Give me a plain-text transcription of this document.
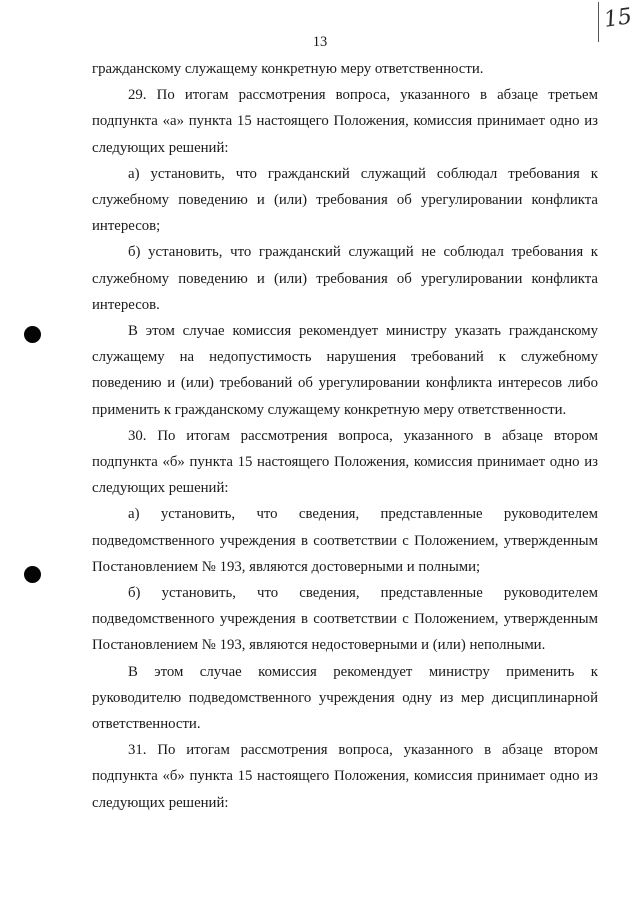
15
13

гражданскому служащему конкретную меру ответственности.

29. По итогам рассмотрения вопроса, указанного в абзаце третьем подпункта «а» пункта 15 настоящего Положения, комиссия принимает одно из следующих решений:

а) установить, что гражданский служащий соблюдал требования к служебному поведению и (или) требования об урегулировании конфликта интересов;

б) установить, что гражданский служащий не соблюдал требования к служебному поведению и (или) требования об урегулировании конфликта интересов.

В этом случае комиссия рекомендует министру указать гражданскому служащему на недопустимость нарушения требований к служебному поведению и (или) требований об урегулировании конфликта интересов либо применить к гражданскому служащему конкретную меру ответственности.

30. По итогам рассмотрения вопроса, указанного в абзаце втором подпункта «б» пункта 15 настоящего Положения, комиссия принимает одно из следующих решений:

а) установить, что сведения, представленные руководителем подведомственного учреждения в соответствии с Положением, утвержденным Постановлением № 193, являются достоверными и полными;

б) установить, что сведения, представленные руководителем подведомственного учреждения в соответствии с Положением, утвержденным Постановлением № 193, являются недостоверными и (или) неполными.

В этом случае комиссия рекомендует министру применить к руководителю подведомственного учреждения одну из мер дисциплинарной ответственности.

31. По итогам рассмотрения вопроса, указанного в абзаце втором подпункта «б» пункта 15 настоящего Положения, комиссия принимает одно из следующих решений:
